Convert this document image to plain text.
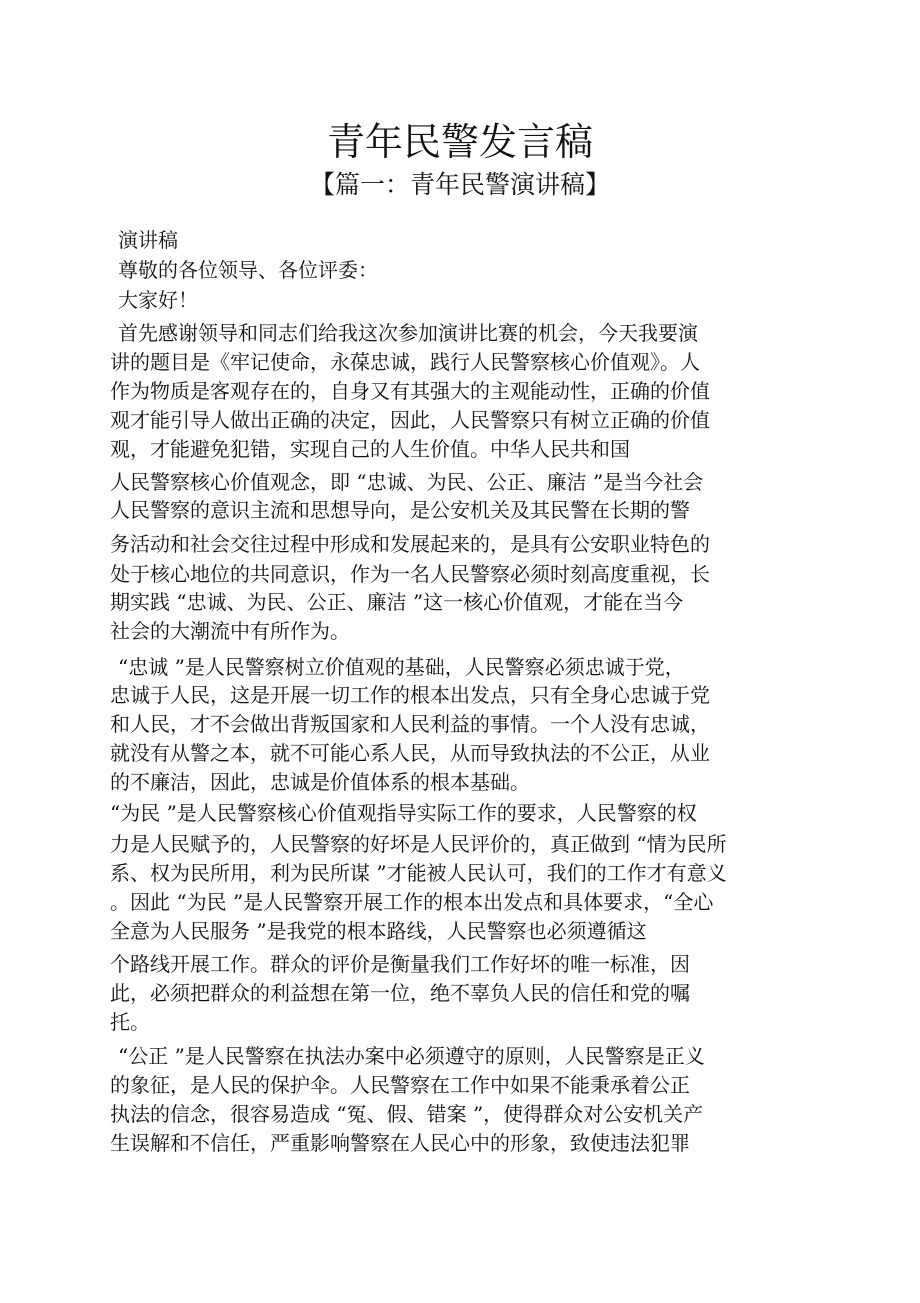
青年民警发言稿
【篇一：青年民警演讲稿】
演讲稿
尊敬的各位领导、各位评委：
大家好！
首先感谢领导和同志们给我这次参加演讲比赛的机会，今天我要演
讲的题目是《牢记使命，永葆忠诚，践行人民警察核心价值观》。人
作为物质是客观存在的，自身又有其强大的主观能动性，正确的价值
观才能引导人做出正确的决定，因此，人民警察只有树立正确的价值
观，才能避免犯错，实现自己的人生价值。中华人民共和国
人民警察核心价值观念，即 “忠诚、为民、公正、廉洁 ”是当今社会
人民警察的意识主流和思想导向，是公安机关及其民警在长期的警
务活动和社会交往过程中形成和发展起来的，是具有公安职业特色的
处于核心地位的共同意识，作为一名人民警察必须时刻高度重视，长
期实践 “忠诚、为民、公正、廉洁 ”这一核心价值观，才能在当今
社会的大潮流中有所作为。
“忠诚 ”是人民警察树立价值观的基础，人民警察必须忠诚于党，
忠诚于人民，这是开展一切工作的根本出发点，只有全身心忠诚于党
和人民，才不会做出背叛国家和人民利益的事情。一个人没有忠诚，
就没有从警之本，就不可能心系人民，从而导致执法的不公正，从业
的不廉洁，因此，忠诚是价值体系的根本基础。
“为民 ”是人民警察核心价值观指导实际工作的要求，人民警察的权
力是人民赋予的，人民警察的好坏是人民评价的，真正做到 “情为民所
系、权为民所用，利为民所谋 ”才能被人民认可，我们的工作才有意义
。因此 “为民 ”是人民警察开展工作的根本出发点和具体要求，“全心
全意为人民服务 ”是我党的根本路线，人民警察也必须遵循这
个路线开展工作。群众的评价是衡量我们工作好坏的唯一标准，因
此，必须把群众的利益想在第一位，绝不辜负人民的信任和党的嘱
托。
“公正 ”是人民警察在执法办案中必须遵守的原则，人民警察是正义
的象征，是人民的保护伞。人民警察在工作中如果不能秉承着公正
执法的信念，很容易造成 “冤、假、错案 ”，使得群众对公安机关产
生误解和不信任，严重影响警察在人民心中的形象，致使违法犯罪
